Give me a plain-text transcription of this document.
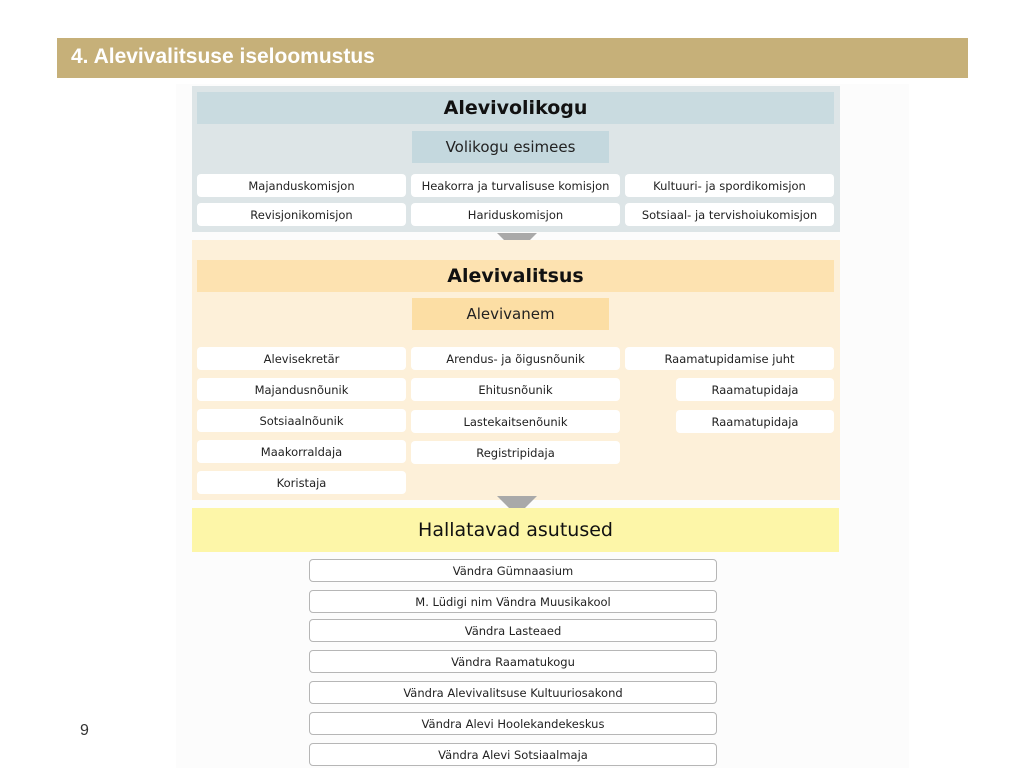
4. Alevivalitsuse iseloomustus
Alevivolikogu
Volikogu esimees
Majanduskomisjon	Heakorra ja turvalisuse komisjon	Kultuuri- ja spordikomisjon
Revisjonikomisjon	Hariduskomisjon	Sotsiaal- ja tervishoiukomisjon
Alevivalitsus
Alevivanem
Alevisekretär
Majandusnõunik
Sotsiaalnõunik
Maakorraldaja
Koristaja
Arendus- ja õigusnõunik
Ehitusnõunik
Lastekaitsenõunik
Registripidaja
Raamatupidamise juht
Raamatupidaja
Raamatupidaja
Hallatavad asutused
Vändra Gümnaasium
M. Lüdigi nim Vändra Muusikakool
Vändra Lasteaed
Vändra Raamatukogu
Vändra Alevivalitsuse Kultuuriosakond
Vändra Alevi Hoolekandekeskus
Vändra Alevi Sotsiaalmaja
9
